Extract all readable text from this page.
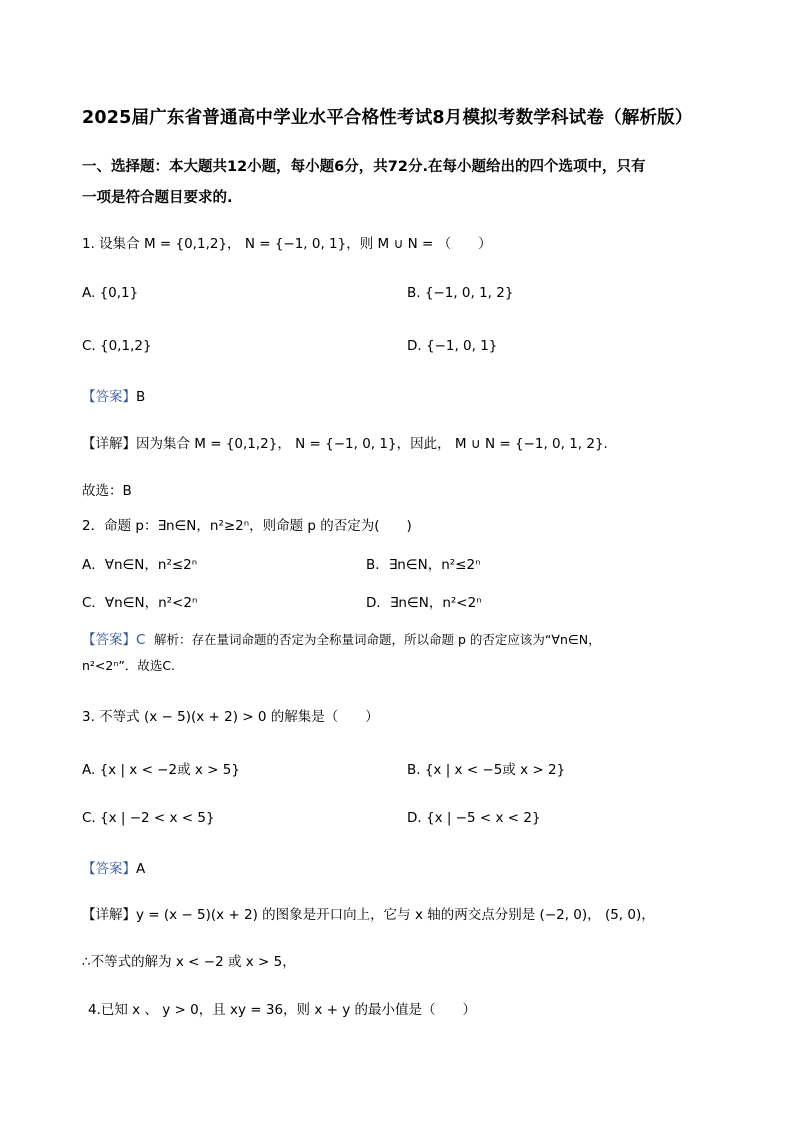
2025届广东省普通高中学业水平合格性考试8月模拟考数学科试卷（解析版）
一、选择题：本大题共12小题，每小题6分，共72分.在每小题给出的四个选项中，只有
一项是符合题目要求的.
1. 设集合 M = {0,1,2}， N = {−1, 0, 1}，则 M ∪ N = （　　）
A. {0,1}	B. {−1, 0, 1, 2}
C. {0,1,2}	D. {−1, 0, 1}
【答案】B
【详解】因为集合 M = {0,1,2}， N = {−1, 0, 1}，因此， M ∪ N = {−1, 0, 1, 2}.
故选：B
2．命题 p：∃n∈N，n²≥2ⁿ，则命题 p 的否定为(　　)
A．∀n∈N，n²≤2ⁿ	B．∃n∈N，n²≤2ⁿ
C．∀n∈N，n²<2ⁿ	D．∃n∈N，n²<2ⁿ
【答案】C 解析：存在量词命题的否定为全称量词命题，所以命题 p 的否定应该为“∀n∈N，
n²<2ⁿ”．故选C.
3. 不等式 (x − 5)(x + 2) > 0 的解集是（　　）
A. {x | x < −2或 x > 5}	B. {x | x < −5或 x > 2}
C. {x | −2 < x < 5}	D. {x | −5 < x < 2}
【答案】A
【详解】y = (x − 5)(x + 2) 的图象是开口向上，它与 x 轴的两交点分别是 (−2, 0)， (5, 0)，
∴不等式的解为 x < −2 或 x > 5，
4.已知 x 、 y > 0，且 xy = 36，则 x + y 的最小值是（　　）
